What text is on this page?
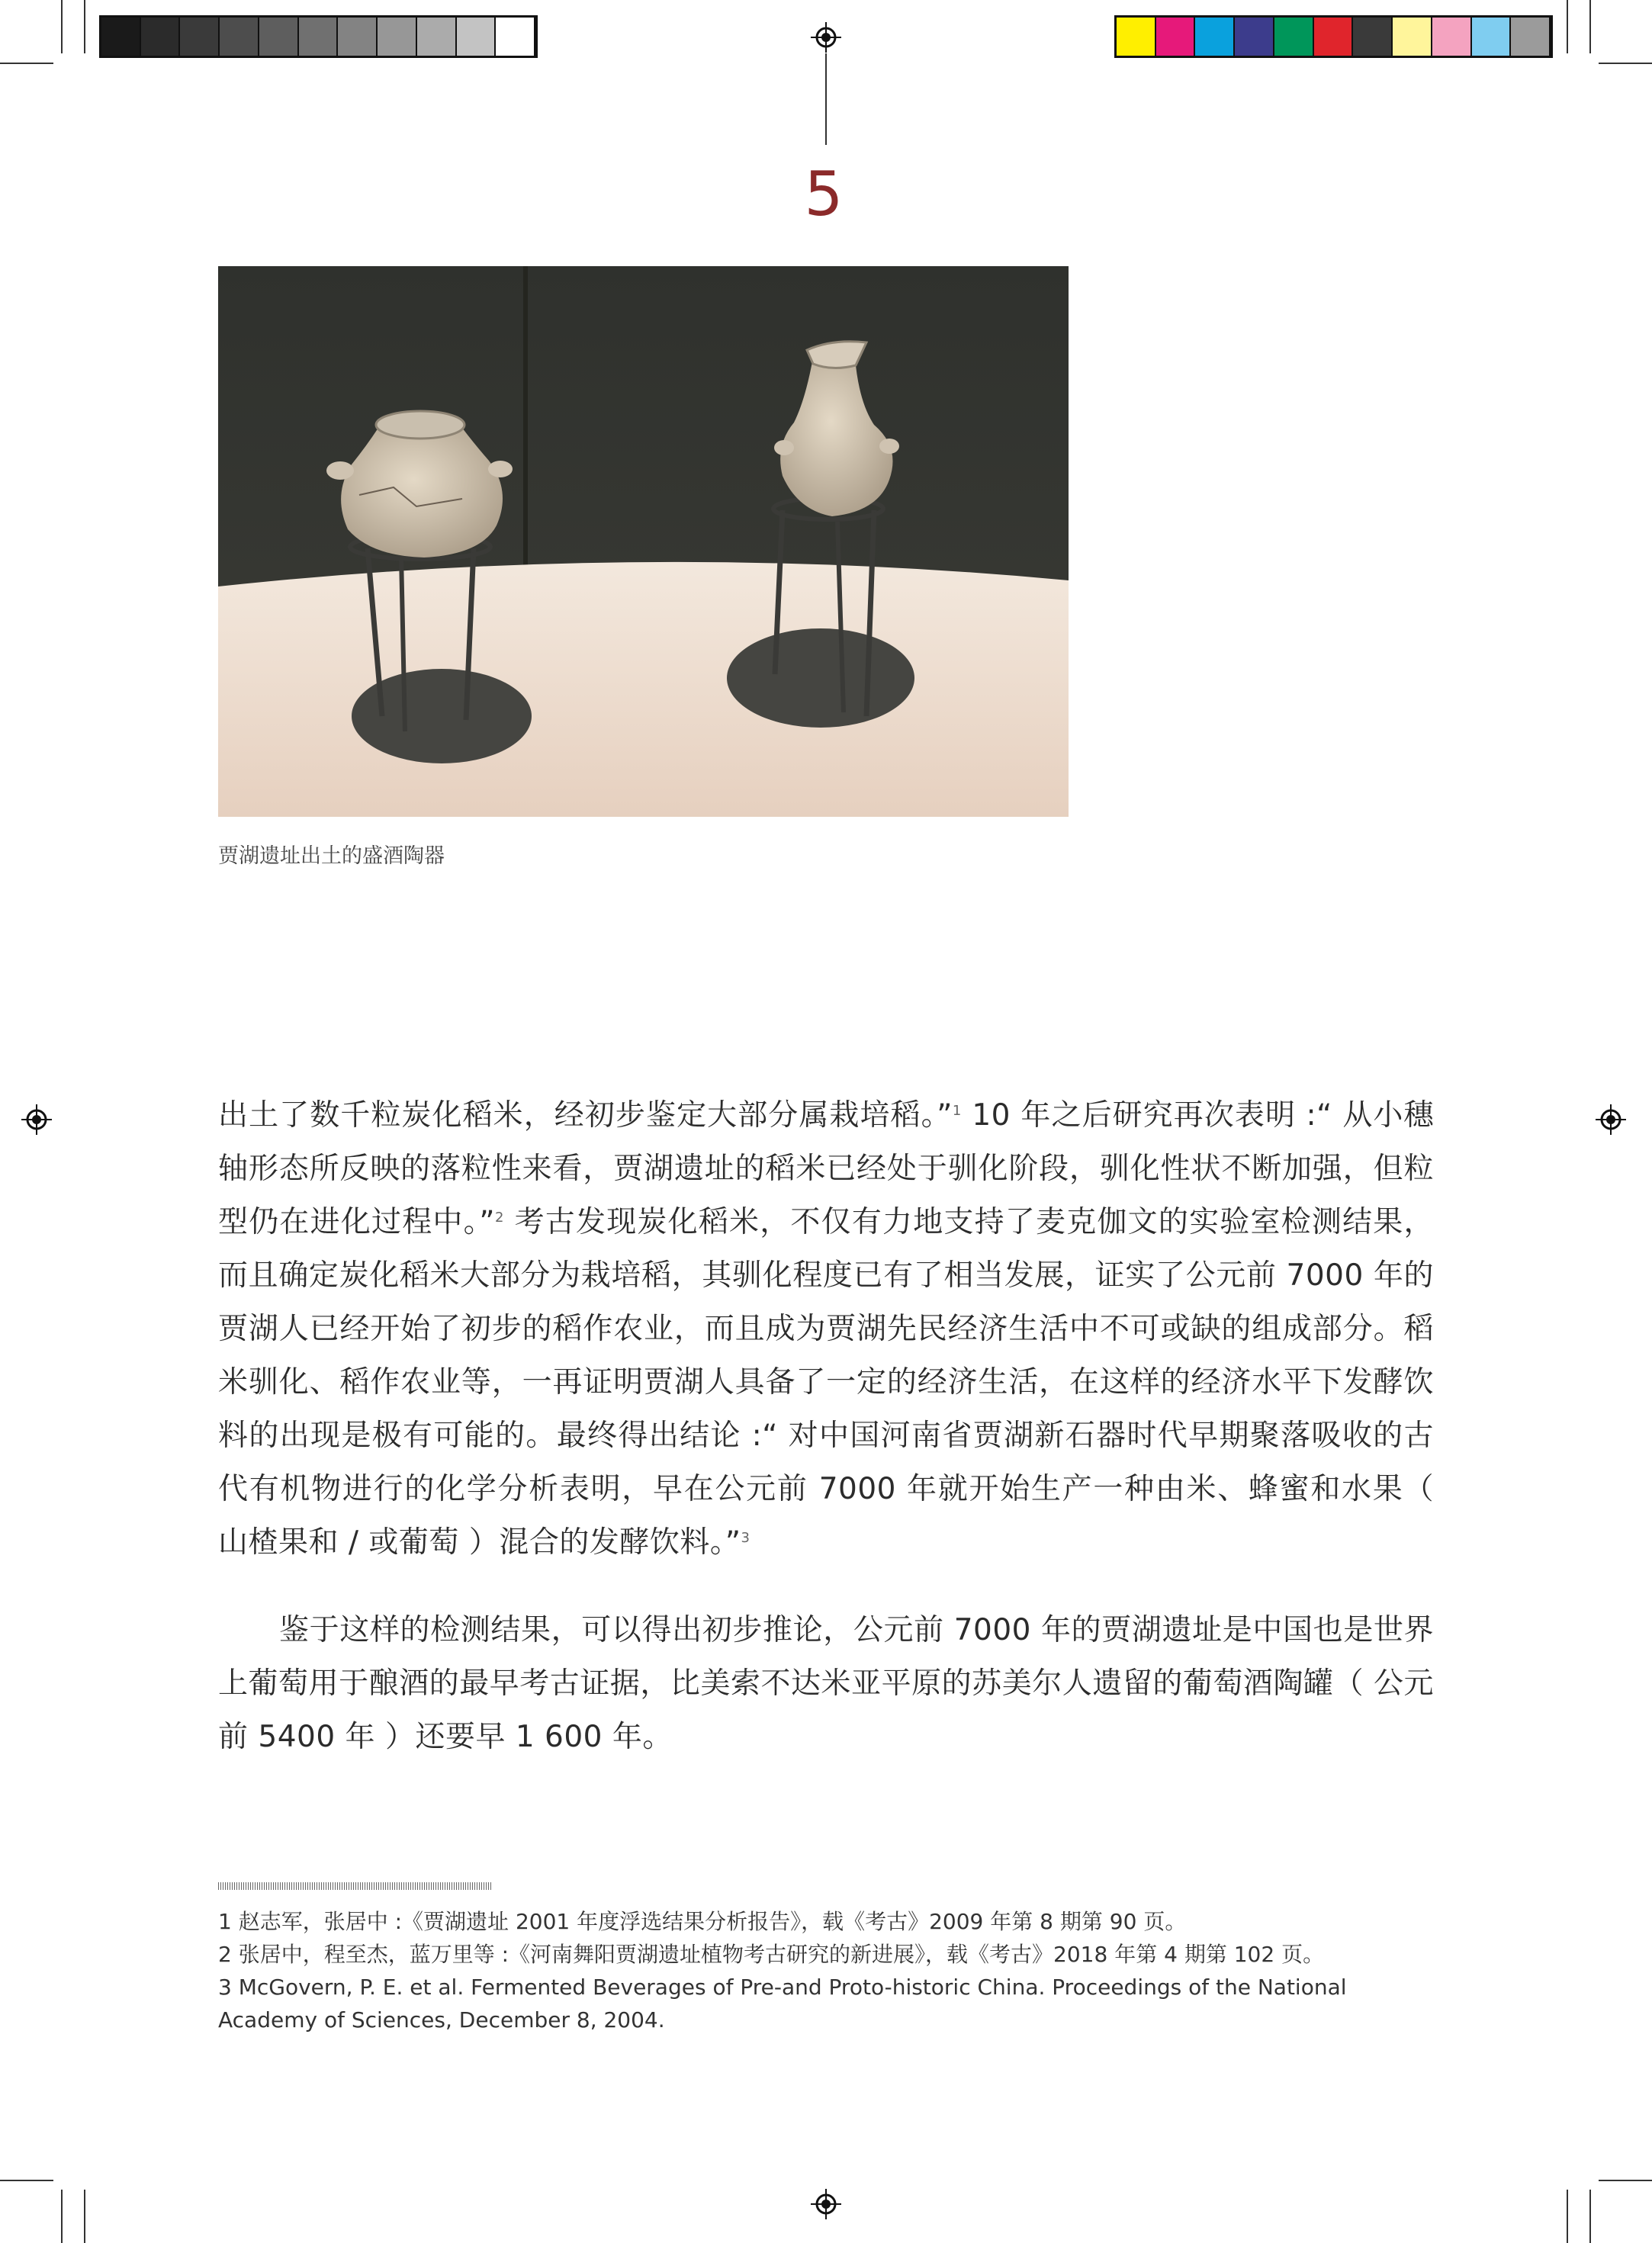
5
贾湖遗址出土的盛酒陶器
出土了数千粒炭化稻米，经初步鉴定大部分属栽培稻。”$^1$ 10 年之后研究再次表明 :“ 从小穗轴形态所反映的落粒性来看，贾湖遗址的稻米已经处于驯化阶段，驯化性状不断加强，但粒型仍在进化过程中。”$^2$ 考古发现炭化稻米，不仅有力地支持了麦克伽文的实验室检测结果，而且确定炭化稻米大部分为栽培稻，其驯化程度已有了相当发展，证实了公元前 7000 年的贾湖人已经开始了初步的稻作农业，而且成为贾湖先民经济生活中不可或缺的组成部分。稻米驯化、稻作农业等，一再证明贾湖人具备了一定的经济生活，在这样的经济水平下发酵饮料的出现是极有可能的。最终得出结论 :“ 对中国河南省贾湖新石器时代早期聚落吸收的古代有机物进行的化学分析表明，早在公元前 7000 年就开始生产一种由米、蜂蜜和水果（ 山楂果和 / 或葡萄 ）混合的发酵饮料。”$^3$
鉴于这样的检测结果，可以得出初步推论，公元前 7000 年的贾湖遗址是中国也是世界上葡萄用于酿酒的最早考古证据，比美索不达米亚平原的苏美尔人遗留的葡萄酒陶罐（ 公元前 5400 年 ）还要早 1 600 年。
1 赵志军，张居中 :《贾湖遗址 2001 年度浮选结果分析报告》，载《考古》2009 年第 8 期第 90 页。
2 张居中，程至杰，蓝万里等 :《河南舞阳贾湖遗址植物考古研究的新进展》，载《考古》2018 年第 4 期第 102 页。
3 McGovern, P. E. et al. Fermented Beverages of Pre-and Proto-historic China. Proceedings of the National Academy of Sciences, December 8, 2004.
